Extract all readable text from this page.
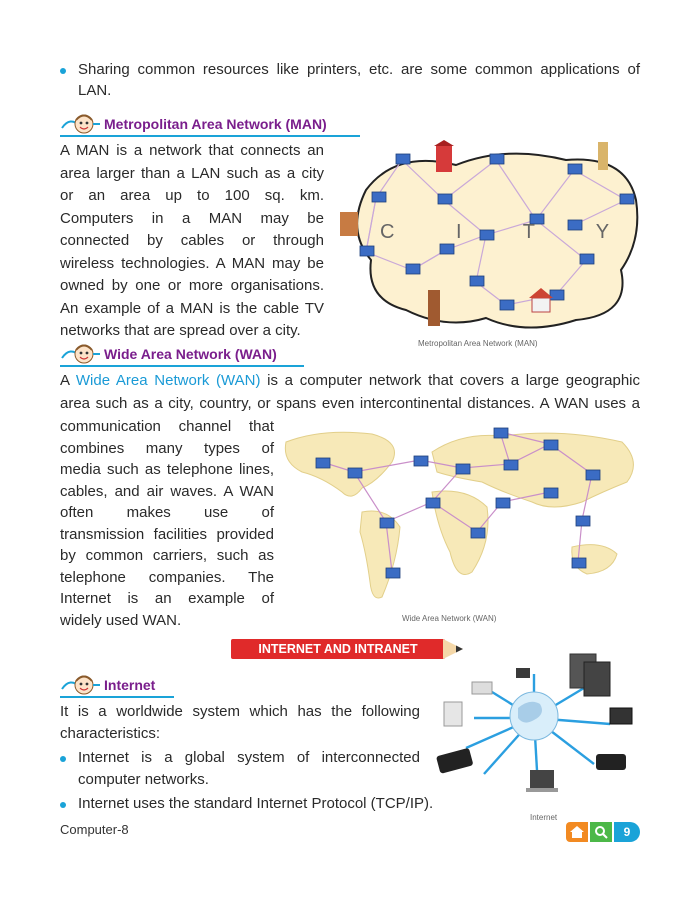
Sharing common resources like printers, etc. are some common applications of
LAN.
Metropolitan Area Network (MAN)
A MAN is a network that connects an
area larger than a LAN such as a city
or an area up to 100 sq. km.
Computers in a MAN may be
connected by cables or through
wireless technologies. A MAN may be
owned by one or more organisations.
An example of a MAN is the cable TV
networks that are spread over a city.
C I T Y
Metropolitan Area Network (MAN)
Wide Area Network (WAN)
A Wide Area Network (WAN) is a computer network that covers a large geographic
area such as a city, country, or spans even intercontinental distances. A WAN uses a
communication channel that
combines many types of
media such as telephone lines,
cables, and air waves. A WAN
often makes use of
transmission facilities provided
by common carriers, such as
telephone companies. The
Internet is an example of
widely used WAN.	Wide Area Network (WAN)
INTERNET AND INTRANET
Internet
It is a worldwide system which has the following
characteristics:
Internet is a global system of interconnected
computer networks.
Internet uses the standard Internet Protocol (TCP/IP).
Internet
Computer-8	9
